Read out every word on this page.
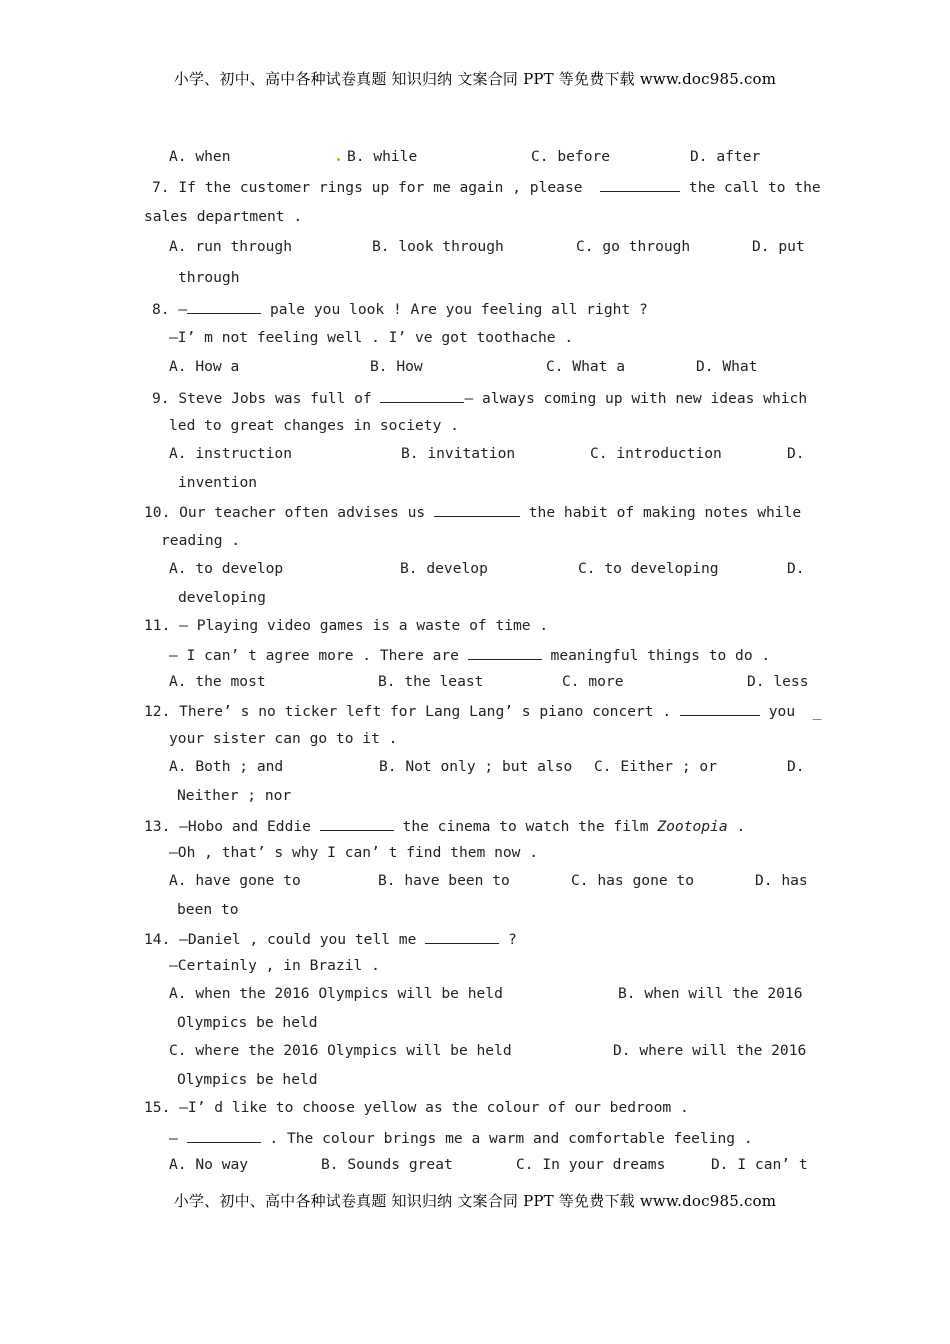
小学、初中、高中各种试卷真题 知识归纳 文案合同 PPT 等免费下载 www.doc985.com
A. when	B. while	C. before	D. after
7. If the customer rings up for me again , please	the call to the
sales department .
A. run through	B. look through	C. go through	D. put
through
8. —	pale you look ! Are you feeling all right ?
—I’ m not feeling well . I’ ve got toothache .
A. How a	B. How	C. What a	D. What
9. Steve Jobs was full of	— always coming up with new ideas which
led to great changes in society .
A. instruction	B. invitation	C. introduction	D.
invention
10. Our teacher often advises us	the habit of making notes while
reading .
A. to develop	B. develop	C. to developing	D.
developing
11. — Playing video games is a waste of time .
— I can’ t agree more . There are	meaningful things to do .
A. the most	B. the least	C. more	D. less
12. There’ s no ticker left for Lang Lang’ s piano concert .	you _
your sister can go to it .
A. Both ; and	B. Not only ; but also C. Either ; or	D.
Neither ; nor
13. —Hobo and Eddie	the cinema to watch the film Zootopia .
—Oh , that’ s why I can’ t find them now .
A. have gone to	B. have been to	C. has gone to	D. has
been to
14. —Daniel , could you tell me	?
—Certainly , in Brazil .
A. when the 2016 Olympics will be held	B. when will the 2016
Olympics be held
C. where the 2016 Olympics will be held	D. where will the 2016
Olympics be held
15. —I’ d like to choose yellow as the colour of our bedroom .
—	. The colour brings me a warm and comfortable feeling .
A. No way	B. Sounds great	C. In your dreams	D. I can’ t
小学、初中、高中各种试卷真题 知识归纳 文案合同 PPT 等免费下载 www.doc985.com
